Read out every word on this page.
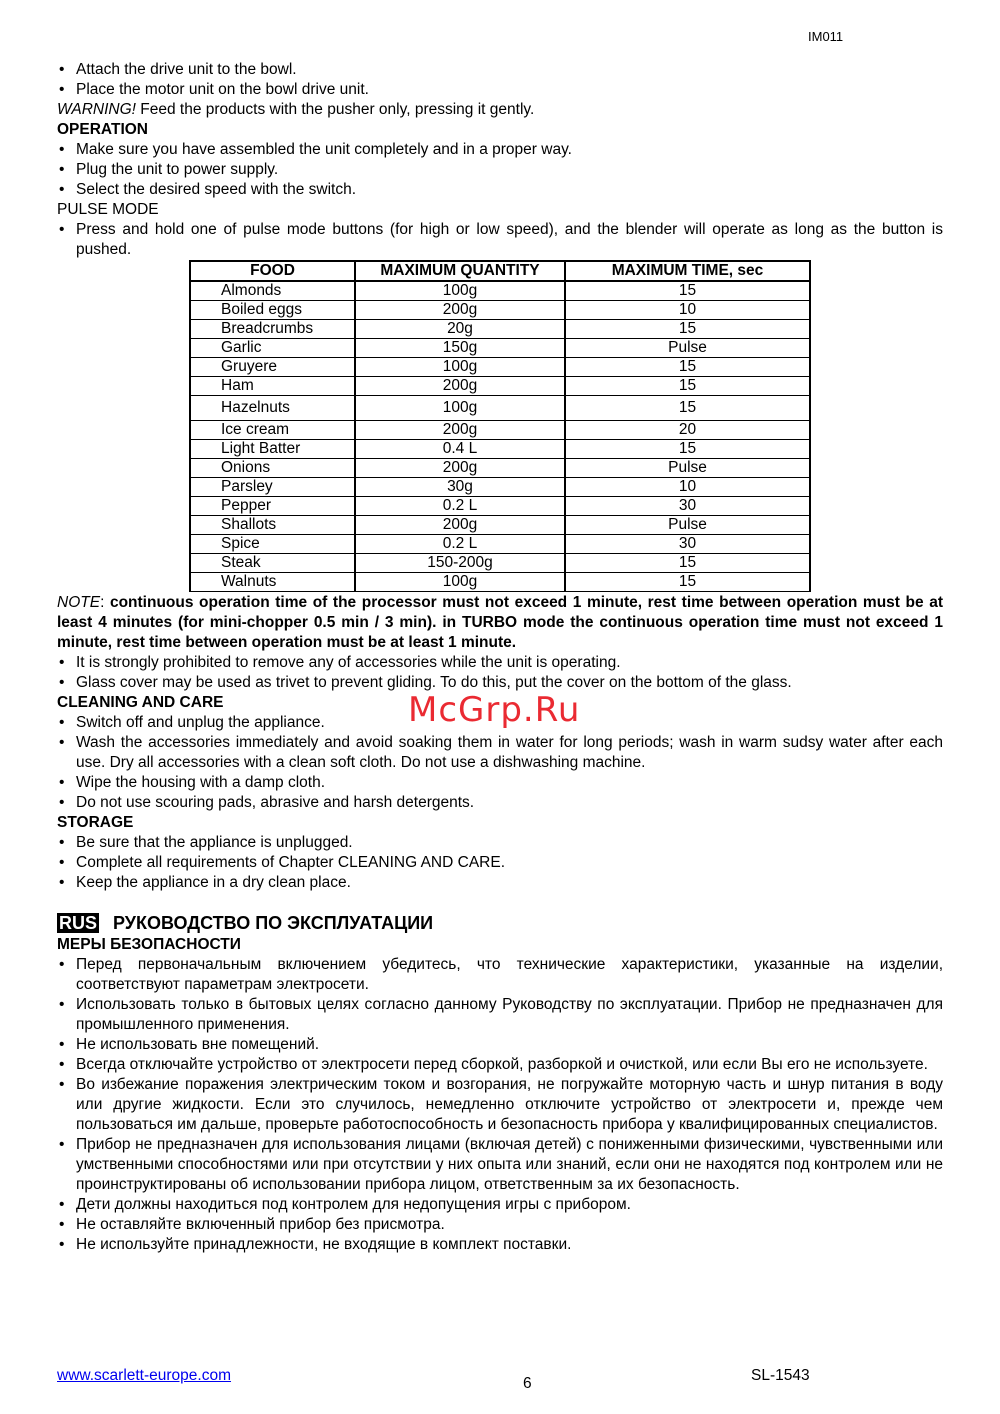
IM011
• Attach the drive unit to the bowl.
• Place the motor unit on the bowl drive unit.
WARNING! Feed the products with the pusher only, pressing it gently.
OPERATION
• Make sure you have assembled the unit completely and in a proper way.
• Plug the unit to power supply.
• Select the desired speed with the switch.
PULSE MODE
• Press and hold one of pulse mode buttons (for high or low speed), and the blender will operate as long as the button is pushed.
FOOD	MAXIMUM QUANTITY	MAXIMUM TIME, sec
Almonds	100g	15
Boiled eggs	200g	10
Breadcrumbs	20g	15
Garlic	150g	Pulse
Gruyere	100g	15
Ham	200g	15
Hazelnuts	100g	15
Ice cream	200g	20
Light Batter	0.4 L	15
Onions	200g	Pulse
Parsley	30g	10
Pepper	0.2 L	30
Shallots	200g	Pulse
Spice	0.2 L	30
Steak	150-200g	15
Walnuts	100g	15
NOTE: continuous operation time of the processor must not exceed 1 minute, rest time between operation must be at least 4 minutes (for mini-chopper 0.5 min / 3 min). in TURBO mode the continuous operation time must not exceed 1 minute, rest time between operation must be at least 1 minute.
• It is strongly prohibited to remove any of accessories while the unit is operating.
• Glass cover may be used as trivet to prevent gliding. To do this, put the cover on the bottom of the glass.
CLEANING AND CARE
• Switch off and unplug the appliance.
• Wash the accessories immediately and avoid soaking them in water for long periods; wash in warm sudsy water after each use. Dry all accessories with a clean soft cloth. Do not use a dishwashing machine.
• Wipe the housing with a damp cloth.
• Do not use scouring pads, abrasive and harsh detergents.
STORAGE
• Be sure that the appliance is unplugged.
• Complete all requirements of Chapter CLEANING AND CARE.
• Keep the appliance in a dry clean place.
RUS РУКОВОДСТВО ПО ЭКСПЛУАТАЦИИ
МЕРЫ БЕЗОПАСНОСТИ
• Перед первоначальным включением убедитесь, что технические характеристики, указанные на изделии, соответствуют параметрам электросети.
• Использовать только в бытовых целях согласно данному Руководству по эксплуатации. Прибор не предназначен для промышленного применения.
• Не использовать вне помещений.
• Всегда отключайте устройство от электросети перед сборкой, разборкой и очисткой, или если Вы его не используете.
• Во избежание поражения электрическим током и возгорания, не погружайте моторную часть и шнур питания в воду или другие жидкости. Если это случилось, немедленно отключите устройство от электросети и, прежде чем пользоваться им дальше, проверьте работоспособность и безопасность прибора у квалифицированных специалистов.
• Прибор не предназначен для использования лицами (включая детей) с пониженными физическими, чувственными или умственными способностями или при отсутствии у них опыта или знаний, если они не находятся под контролем или не проинструктированы об использовании прибора лицом, ответственным за их безопасность.
• Дети должны находиться под контролем для недопущения игры с прибором.
• Не оставляйте включенный прибор без присмотра.
• Не используйте принадлежности, не входящие в комплект поставки.
McGrp.Ru
www.scarlett-europe.com	6	SL-1543
